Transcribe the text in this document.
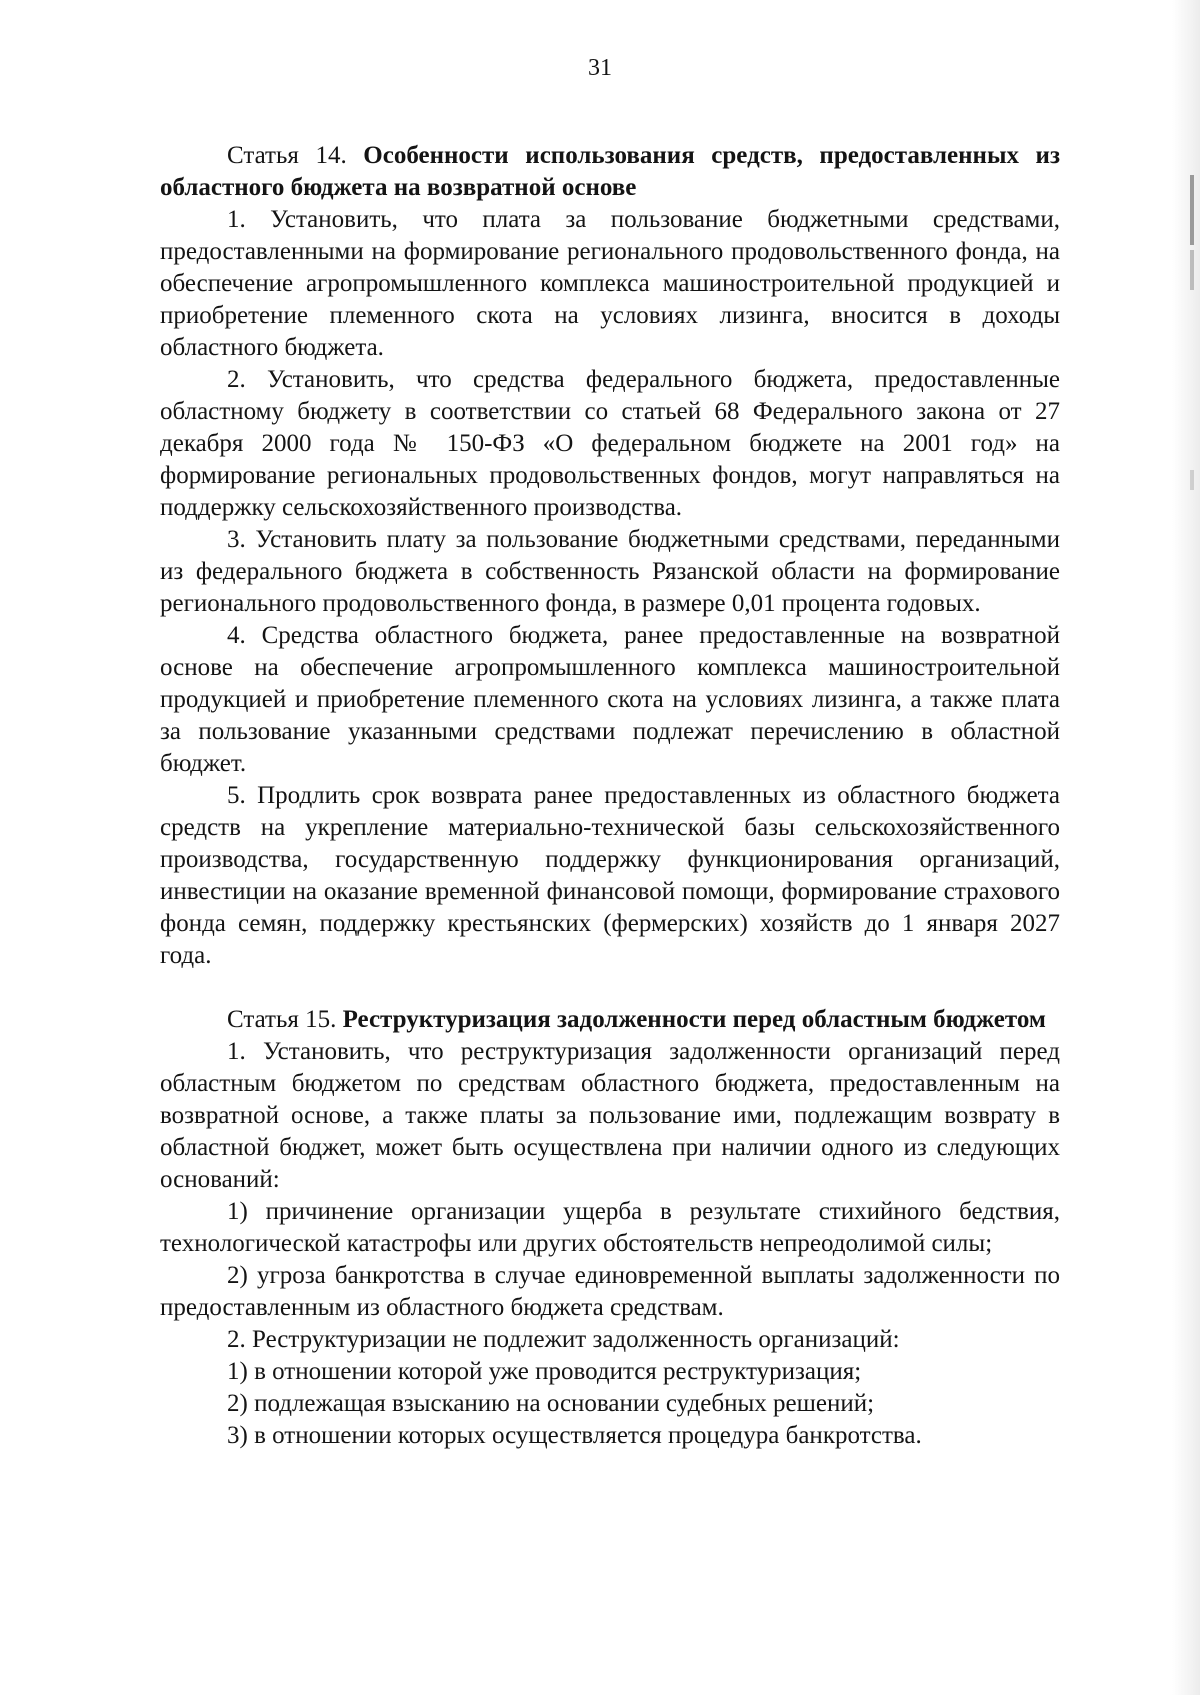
31
Статья 14. Особенности использования средств, предоставленных из областного бюджета на возвратной основе

1. Установить, что плата за пользование бюджетными средствами, предоставленными на формирование регионального продовольственного фонда, на обеспечение агропромышленного комплекса машиностроительной продукцией и приобретение племенного скота на условиях лизинга, вносится в доходы областного бюджета.

2. Установить, что средства федерального бюджета, предоставленные областному бюджету в соответствии со статьей 68 Федерального закона от 27 декабря 2000 года № 150-ФЗ «О федеральном бюджете на 2001 год» на формирование региональных продовольственных фондов, могут направляться на поддержку сельскохозяйственного производства.

3. Установить плату за пользование бюджетными средствами, переданными из федерального бюджета в собственность Рязанской области на формирование регионального продовольственного фонда, в размере 0,01 процента годовых.

4. Средства областного бюджета, ранее предоставленные на возвратной основе на обеспечение агропромышленного комплекса машиностроительной продукцией и приобретение племенного скота на условиях лизинга, а также плата за пользование указанными средствами подлежат перечислению в областной бюджет.

5. Продлить срок возврата ранее предоставленных из областного бюджета средств на укрепление материально-технической базы сельскохозяйственного производства, государственную поддержку функционирования организаций, инвестиции на оказание временной финансовой помощи, формирование страхового фонда семян, поддержку крестьянских (фермерских) хозяйств до 1 января 2027 года.

Статья 15. Реструктуризация задолженности перед областным бюджетом

1. Установить, что реструктуризация задолженности организаций перед областным бюджетом по средствам областного бюджета, предоставленным на возвратной основе, а также платы за пользование ими, подлежащим возврату в областной бюджет, может быть осуществлена при наличии одного из следующих оснований:

1) причинение организации ущерба в результате стихийного бедствия, технологической катастрофы или других обстоятельств непреодолимой силы;

2) угроза банкротства в случае единовременной выплаты задолженности по предоставленным из областного бюджета средствам.

2. Реструктуризации не подлежит задолженность организаций:

1) в отношении которой уже проводится реструктуризация;

2) подлежащая взысканию на основании судебных решений;

3) в отношении которых осуществляется процедура банкротства.
